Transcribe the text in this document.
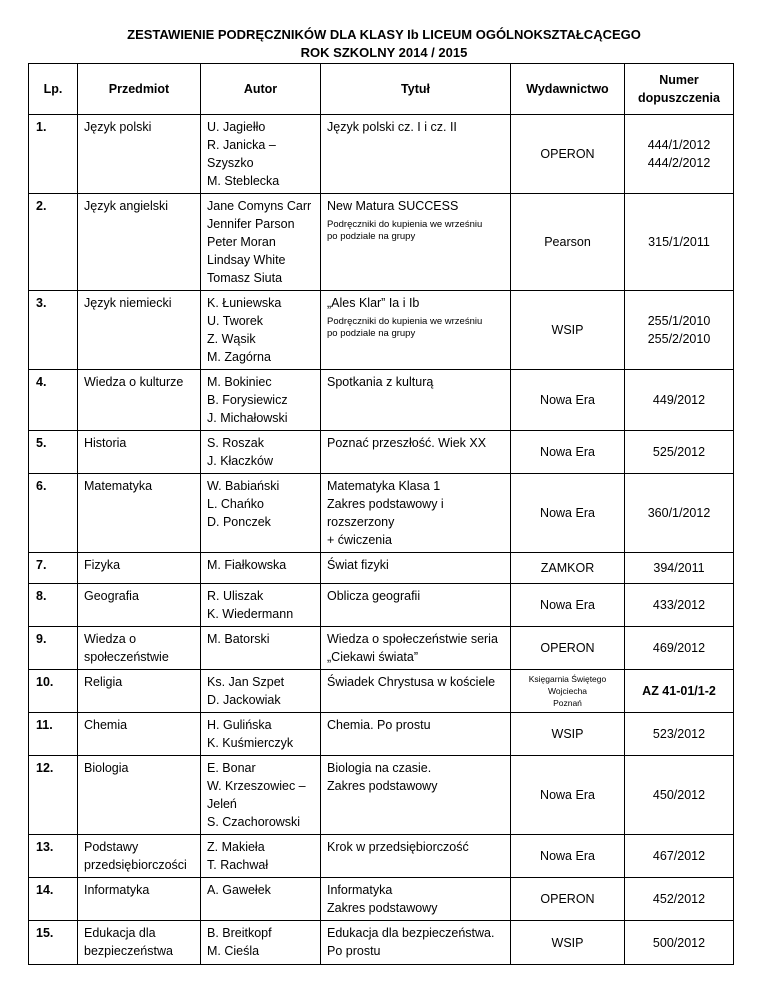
ZESTAWIENIE PODRĘCZNIKÓW DLA KLASY Ib LICEUM OGÓLNOKSZTAŁCĄCEGO
ROK SZKOLNY 2014 / 2015
Lp.	Przedmiot	Autor	Tytuł	Wydawnictwo	Numer
dopuszczenia

1.	Język polski	U. Jagiełło
R. Janicka –
Szyszko
M. Steblecka	Język polski cz. I i cz. II	OPERON	444/1/2012
444/2/2012

2.	Język angielski	Jane Comyns Carr
Jennifer Parson
Peter Moran
Lindsay White
Tomasz Siuta	New Matura SUCCESS
Podręczniki do kupienia we wrześniu
po podziale na grupy	Pearson	315/1/2011

3.	Język niemiecki	K. Łuniewska
U. Tworek
Z. Wąsik
M. Zagórna	„Ales Klar” Ia i Ib
Podręczniki do kupienia we wrześniu
po podziale na grupy	WSIP	255/1/2010
255/2/2010

4.	Wiedza o kulturze	M. Bokiniec
B. Forysiewicz
J. Michałowski	Spotkania z kulturą	Nowa Era	449/2012

5.	Historia	S. Roszak
J. Kłaczków	Poznać przeszłość. Wiek XX	Nowa Era	525/2012

6.	Matematyka	W. Babiański
L. Chańko
D. Ponczek	Matematyka Klasa 1
Zakres podstawowy i
rozszerzony
+ ćwiczenia	Nowa Era	360/1/2012

7.	Fizyka	M. Fiałkowska	Świat fizyki	ZAMKOR	394/2011

8.	Geografia	R. Uliszak
K. Wiedermann	Oblicza geografii	Nowa Era	433/2012

9.	Wiedza o
społeczeństwie	M. Batorski	Wiedza o społeczeństwie seria
„Ciekawi świata”	OPERON	469/2012

10.	Religia	Ks. Jan Szpet
D. Jackowiak	Świadek Chrystusa w kościele	Księgarnia Świętego
Wojciecha
Poznań	AZ 41-01/1-2

11.	Chemia	H. Gulińska
K. Kuśmierczyk	Chemia. Po prostu	WSIP	523/2012

12.	Biologia	E. Bonar
W. Krzeszowiec –
Jeleń
S. Czachorowski	Biologia na czasie.
Zakres podstawowy	Nowa Era	450/2012

13.	Podstawy
przedsiębiorczości	Z. Makieła
T. Rachwał	Krok w przedsiębiorczość	Nowa Era	467/2012

14.	Informatyka	A. Gawełek	Informatyka
Zakres podstawowy	OPERON	452/2012

15.	Edukacja dla
bezpieczeństwa	B. Breitkopf
M. Cieśla	Edukacja dla bezpieczeństwa.
Po prostu	WSIP	500/2012
